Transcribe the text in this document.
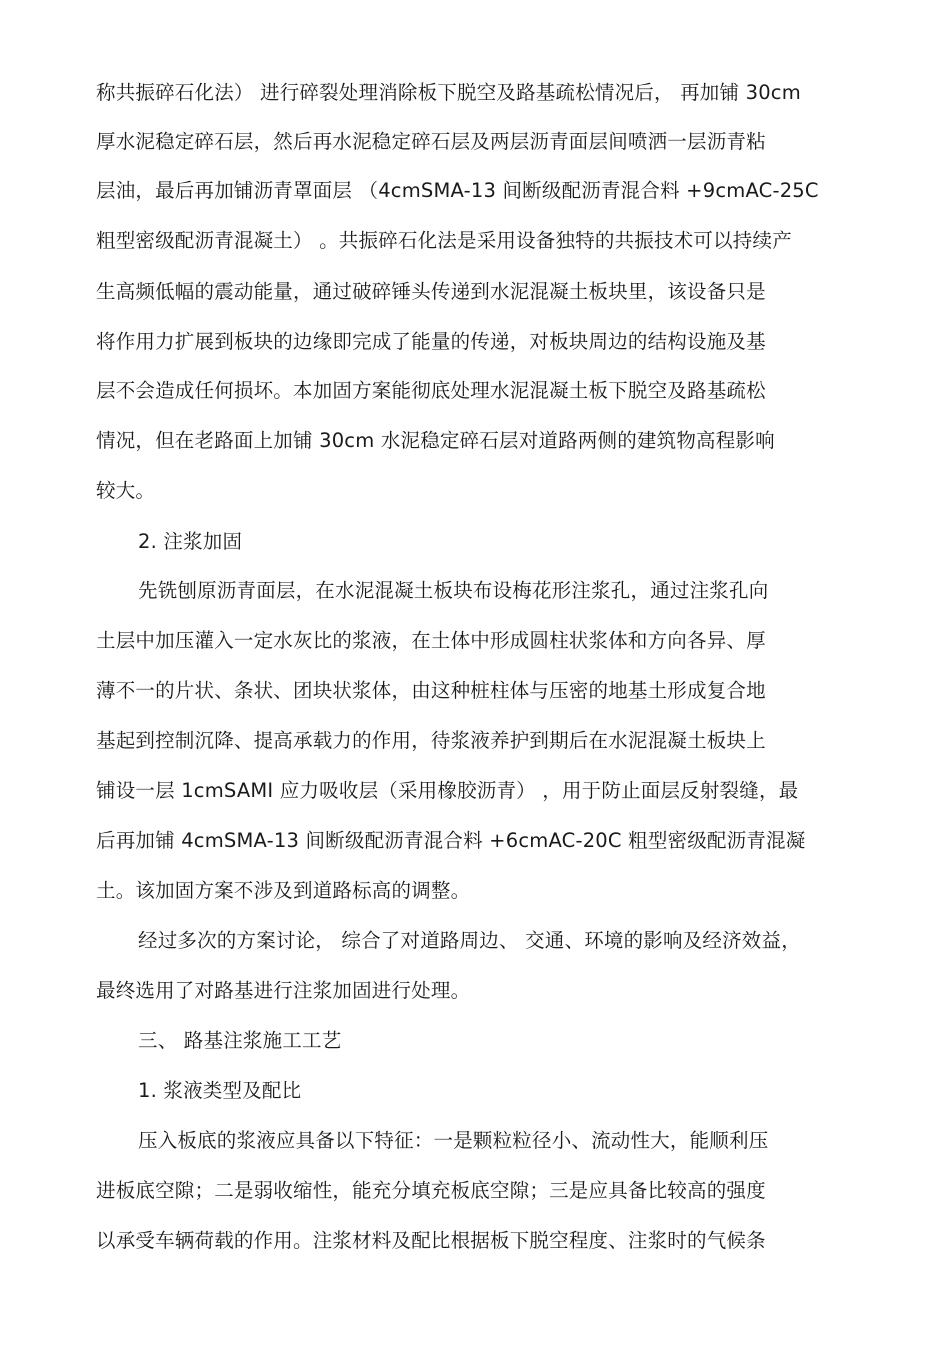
称共振碎石化法） 进行碎裂处理消除板下脱空及路基疏松情况后， 再加铺 30cm
厚水泥稳定碎石层，然后再水泥稳定碎石层及两层沥青面层间喷洒一层沥青粘
层油，最后再加铺沥青罩面层 （4cmSMA-13 间断级配沥青混合料 +9cmAC-25C
粗型密级配沥青混凝土） 。共振碎石化法是采用设备独特的共振技术可以持续产
生高频低幅的震动能量，通过破碎锤头传递到水泥混凝土板块里，该设备只是
将作用力扩展到板块的边缘即完成了能量的传递，对板块周边的结构设施及基
层不会造成任何损坏。本加固方案能彻底处理水泥混凝土板下脱空及路基疏松
情况，但在老路面上加铺 30cm 水泥稳定碎石层对道路两侧的建筑物高程影响
较大。
2. 注浆加固
先铣刨原沥青面层，在水泥混凝土板块布设梅花形注浆孔，通过注浆孔向
土层中加压灌入一定水灰比的浆液，在土体中形成圆柱状浆体和方向各异、厚
薄不一的片状、条状、团块状浆体，由这种桩柱体与压密的地基土形成复合地
基起到控制沉降、提高承载力的作用，待浆液养护到期后在水泥混凝土板块上
铺设一层 1cmSAMI 应力吸收层（采用橡胶沥青） ，用于防止面层反射裂缝，最
后再加铺 4cmSMA-13 间断级配沥青混合料 +6cmAC-20C 粗型密级配沥青混凝
土。该加固方案不涉及到道路标高的调整。
经过多次的方案讨论， 综合了对道路周边、 交通、环境的影响及经济效益，
最终选用了对路基进行注浆加固进行处理。
三、 路基注浆施工工艺
1. 浆液类型及配比
压入板底的浆液应具备以下特征：一是颗粒粒径小、流动性大，能顺利压
进板底空隙；二是弱收缩性，能充分填充板底空隙；三是应具备比较高的强度
以承受车辆荷载的作用。注浆材料及配比根据板下脱空程度、注浆时的气候条
